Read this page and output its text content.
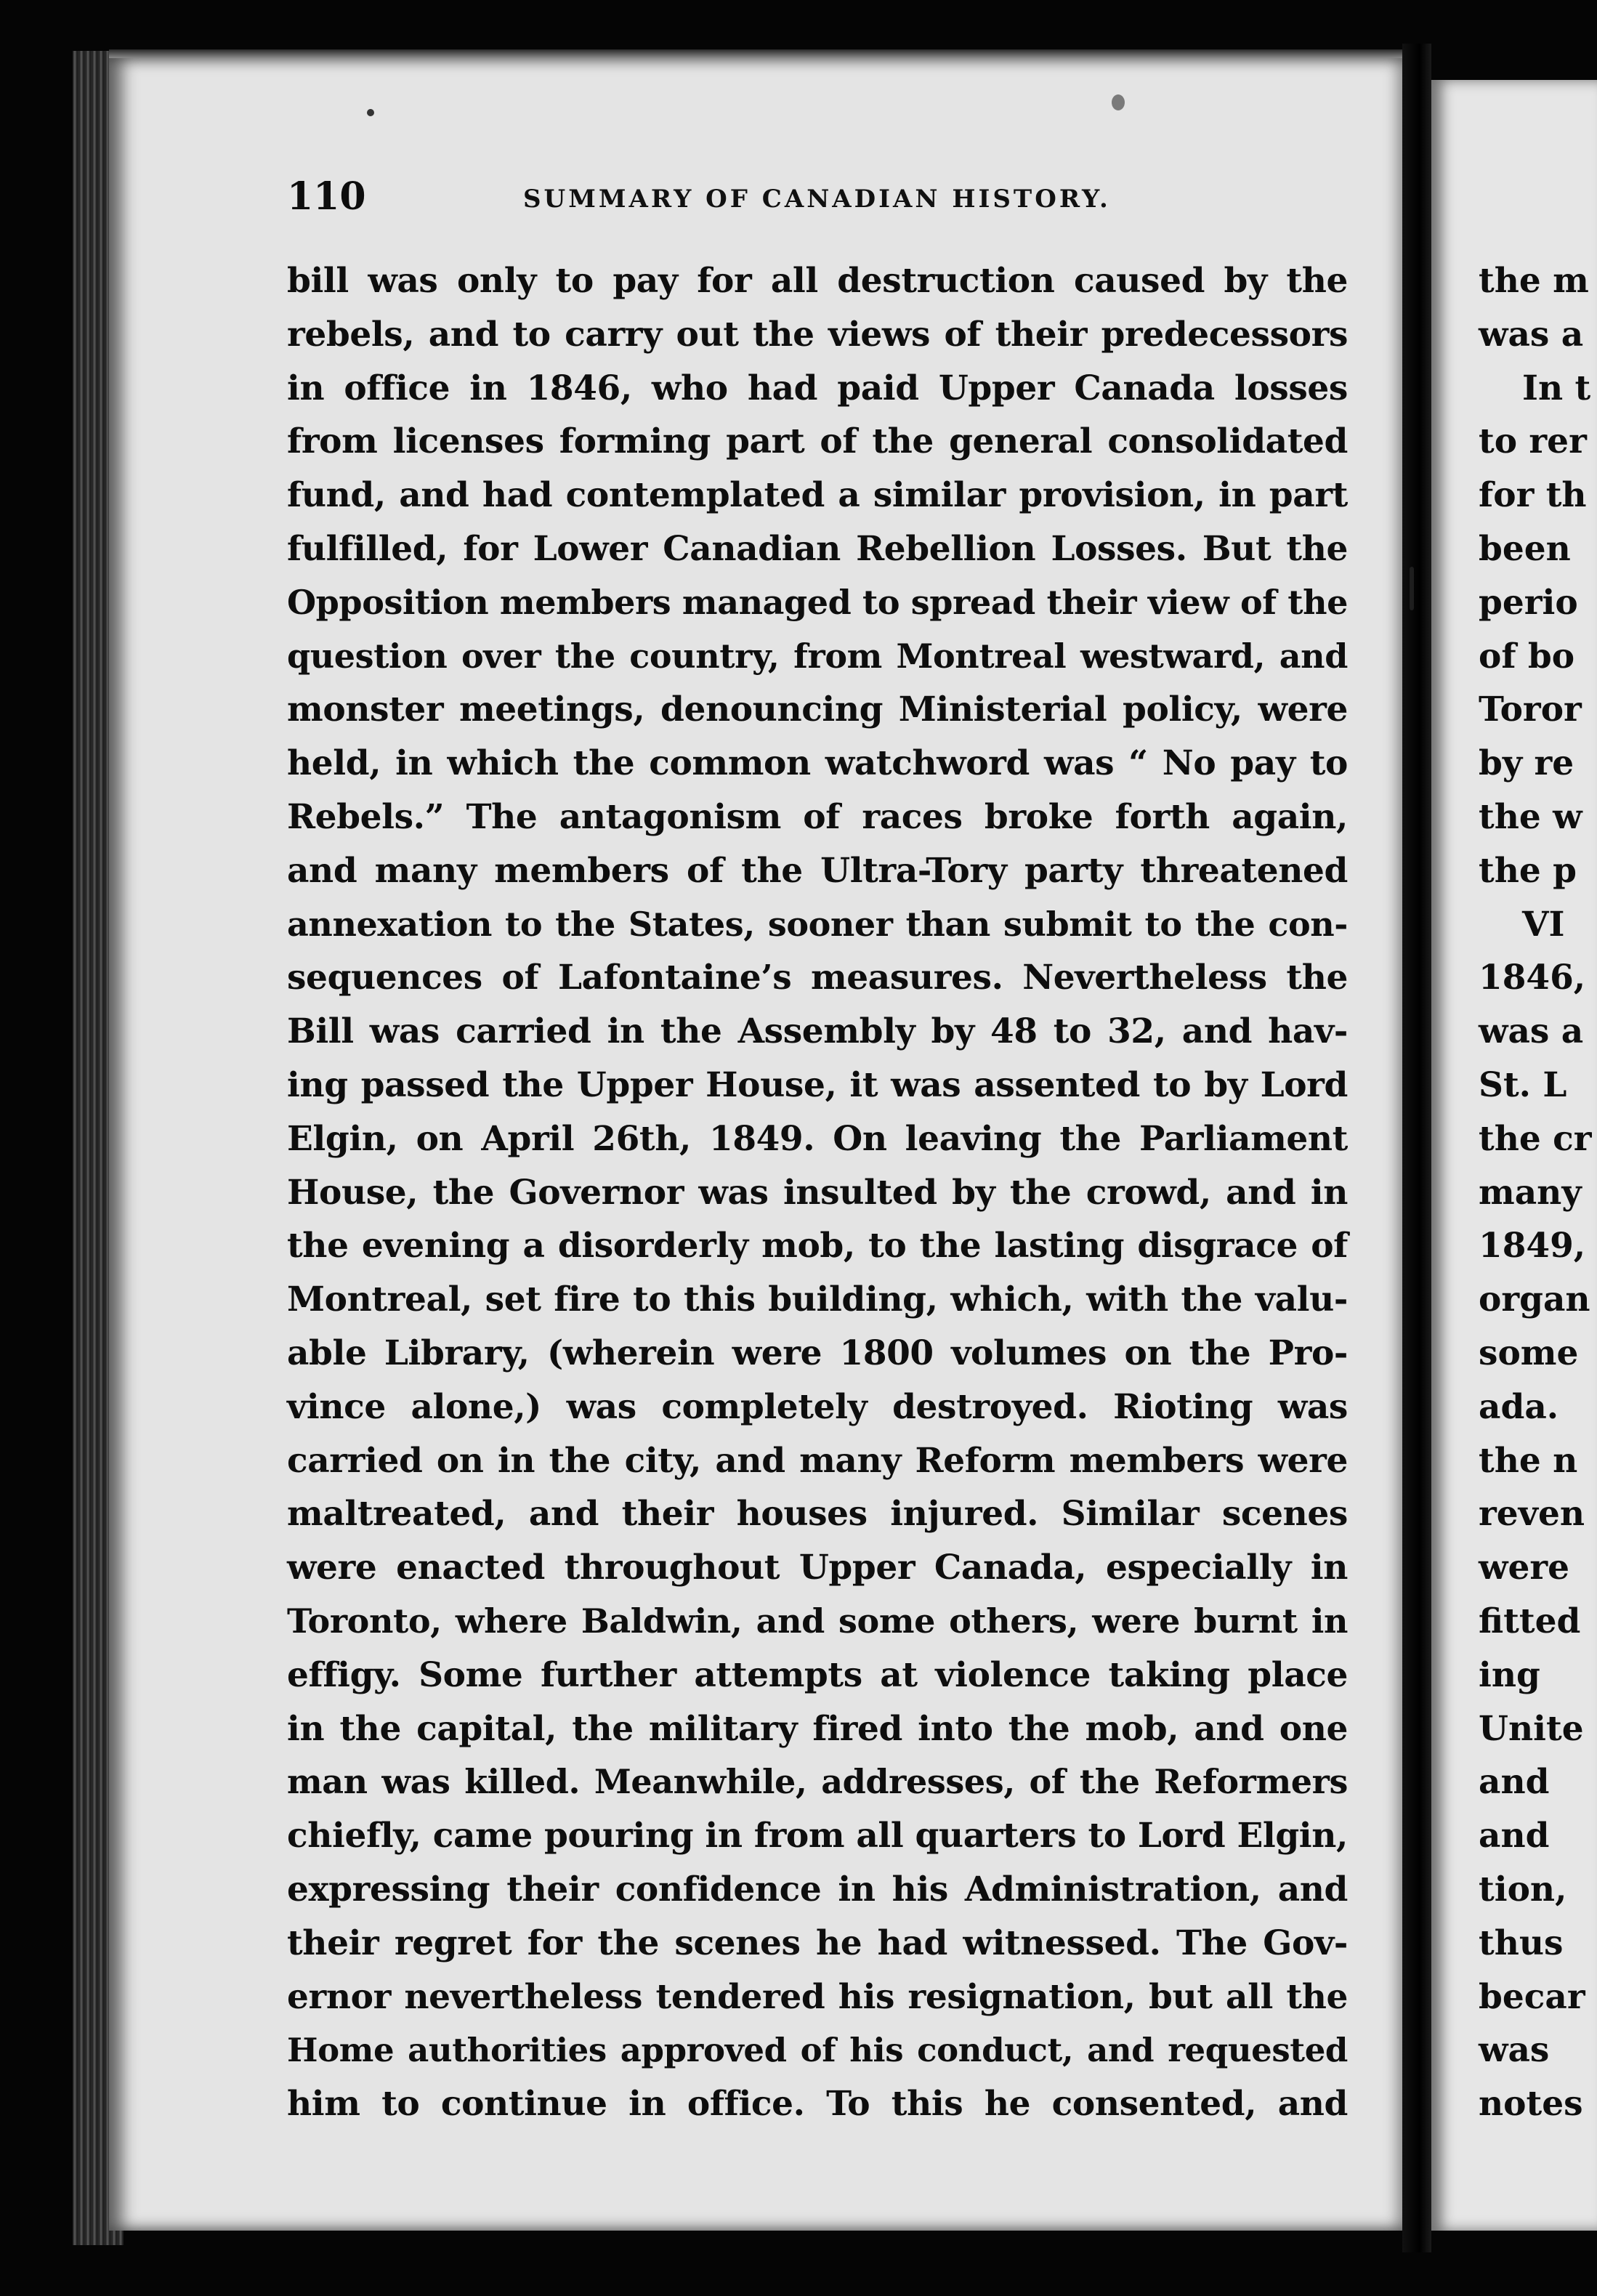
110	SUMMARY OF CANADIAN HISTORY.
bill was only to pay for all destruction caused by the
rebels, and to carry out the views of their predecessors
in office in 1846, who had paid Upper Canada losses
from licenses forming part of the general consolidated
fund, and had contemplated a similar provision, in part
fulfilled, for Lower Canadian Rebellion Losses. But the
Opposition members managed to spread their view of the
question over the country, from Montreal westward, and
monster meetings, denouncing Ministerial policy, were
held, in which the common watchword was “ No pay to
Rebels.” The antagonism of races broke forth again,
and many members of the Ultra-Tory party threatened
annexation to the States, sooner than submit to the con-
sequences of Lafontaine’s measures. Nevertheless the
Bill was carried in the Assembly by 48 to 32, and hav-
ing passed the Upper House, it was assented to by Lord
Elgin, on April 26th, 1849. On leaving the Parliament
House, the Governor was insulted by the crowd, and in
the evening a disorderly mob, to the lasting disgrace of
Montreal, set fire to this building, which, with the valu-
able Library, (wherein were 1800 volumes on the Pro-
vince alone,) was completely destroyed. Rioting was
carried on in the city, and many Reform members were
maltreated, and their houses injured. Similar scenes
were enacted throughout Upper Canada, especially in
Toronto, where Baldwin, and some others, were burnt in
effigy. Some further attempts at violence taking place
in the capital, the military fired into the mob, and one
man was killed. Meanwhile, addresses, of the Reformers
chiefly, came pouring in from all quarters to Lord Elgin,
expressing their confidence in his Administration, and
their regret for the scenes he had witnessed. The Gov-
ernor nevertheless tendered his resignation, but all the
Home authorities approved of his conduct, and requested
him to continue in office. To this he consented, and
the m
was a
In t
to rer
for th
been
perio
of bo
Toror
by re
the w
the p
VI
1846,
was a
St. L
the cr
many
1849,
organ
some
ada.
the n
reven
were
fitted
ing
Unite
and
and
tion,
thus
becar
was
notes
